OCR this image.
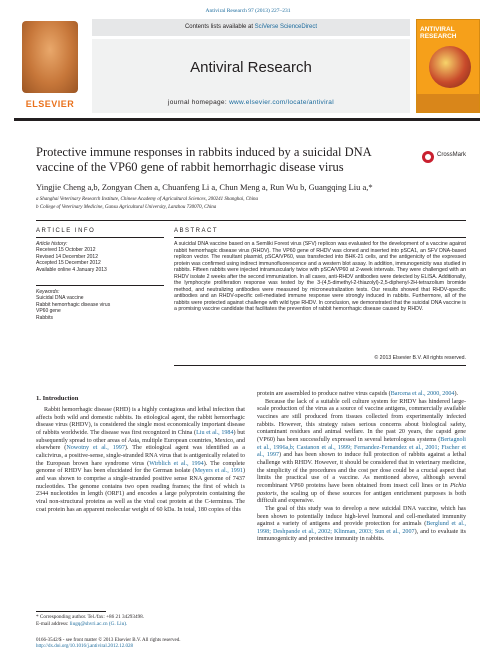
Antiviral Research 97 (2013) 227–231
ELSEVIER
Contents lists available at SciVerse ScienceDirect
Antiviral Research
journal homepage: www.elsevier.com/locate/antiviral
ANTIVIRAL
RESEARCH
Protective immune responses in rabbits induced by a suicidal DNA vaccine of the VP60 gene of rabbit hemorrhagic disease virus
CrossMark
Yingjie Cheng a,b, Zongyan Chen a, Chuanfeng Li a, Chun Meng a, Run Wu b, Guangqing Liu a,*
a Shanghai Veterinary Research Institute, Chinese Academy of Agricultural Sciences, 200241 Shanghai, China
b College of Veterinary Medicine, Gansu Agricultural University, Lanzhou 730070, China
ARTICLE INFO	ABSTRACT
Article history:
Received 15 October 2012
Revised 14 December 2012
Accepted 15 December 2012
Available online 4 January 2013
Keywords:
Suicidal DNA vaccine
Rabbit hemorrhagic disease virus
VP60 gene
Rabbits
A suicidal DNA vaccine based on a Semliki Forest virus (SFV) replicon was evaluated for the development of a vaccine against rabbit hemorrhagic disease virus (RHDV). The VP60 gene of RHDV was cloned and inserted into pSCA1, an SFV DNA-based replicon vector. The resultant plasmid, pSCA/VP60, was transfected into BHK-21 cells, and the antigenicity of the expressed protein was confirmed using indirect immunofluorescence and a western blot assay. In addition, immunogenicity was studied in rabbits. Fifteen rabbits were injected intramuscularly twice with pSCA/VP60 at 2-week intervals. They were challenged with an RHDV isolate 2 weeks after the second immunization. In all cases, anti-RHDV antibodies were detected by ELISA. Additionally, the lymphocyte proliferation response was tested by the 3-(4,5-dimethyl-2-thiazolyl)-2,5-diphenyl-2H-tetrazolium bromide method, and neutralizing antibodies were measured by microneutralization tests. Our results showed that RHDV-specific antibodies and an RHDV-specific cell-mediated immune response were strongly induced in rabbits. Furthermore, all of the rabbits were protected against challenge with wild type RHDV. In conclusion, we demonstrated that the suicidal DNA vaccine is a promising vaccine candidate that facilitates the prevention of rabbit hemorrhagic disease caused by RHDV.
© 2013 Elsevier B.V. All rights reserved.
1. Introduction

Rabbit hemorrhagic disease (RHD) is a highly contagious and lethal infection that affects both wild and domestic rabbits. Its etiological agent, the rabbit hemorrhagic disease virus (RHDV), is considered the single most economically important disease of rabbits worldwide. The disease was first recognized in China (Liu et al., 1984) but subsequently spread to other areas of Asia, multiple European countries, Mexico, and elsewhere (Nowotny et al., 1997). The etiological agent was identified as a calicivirus, a positive-sense, single-stranded RNA virus that is antigenically related to the European brown hare syndrome virus (Wirblich et al., 1994). The complete genome of RHDV has been elucidated for the German isolate (Meyers et al., 1991) and was shown to comprise a single-stranded positive sense RNA genome of 7437 nucleotides. The genome contains two open reading frames; the first of which is 2344 nucleotides in length (ORF1) and encodes a large polyprotein containing the viral non-structural proteins as well as the viral coat protein at the C-terminus. The coat protein has an apparent molecular weight of 60 kDa. In total, 180 copies of this

protein are assembled to produce native virus capsids (Barcena et al., 2000, 2004).

Because the lack of a suitable cell culture system for RHDV has hindered large-scale production of the virus as a source of vaccine antigens, commercially available vaccines are still produced from tissues collected from experimentally infected rabbits. However, this strategy raises serious concerns about biological safety, contaminant residues and animal welfare. In the past 20 years, the capsid gene (VP60) has been successfully expressed in several heterologous systems (Bertagnoli et al., 1996a,b; Castanon et al., 1999; Fernandez-Fernandez et al., 2001; Fischer et al., 1997) and has been shown to induce full protection of rabbits against a lethal challenge with RHDV. However, it should be considered that in veterinary medicine, the simplicity of the procedures and the cost per dose could be a crucial aspect that limits the practical use of a vaccine. As mentioned above, although several recombinant VP60 proteins have been obtained from insect cell lines or in Pichia pastoris, the scaling up of these sources for antigen enrichment purposes is both difficult and expensive.

The goal of this study was to develop a new suicidal DNA vaccine, which has been shown to potentially induce high-level humoral and cell-mediated immunity against a variety of antigens and provide protection for animals (Berglund et al., 1998; Deshpande et al., 2002; Klinman, 2003; Sun et al., 2007), and to evaluate its immunogenicity and protective immunity in rabbits.

* Corresponding author. Tel./fax: +86 21 34293498.
E-mail address: liugq@shvri.ac.cn (G. Liu).
0166-3542/$ - see front matter © 2013 Elsevier B.V. All rights reserved.
http://dx.doi.org/10.1016/j.antiviral.2012.12.028
